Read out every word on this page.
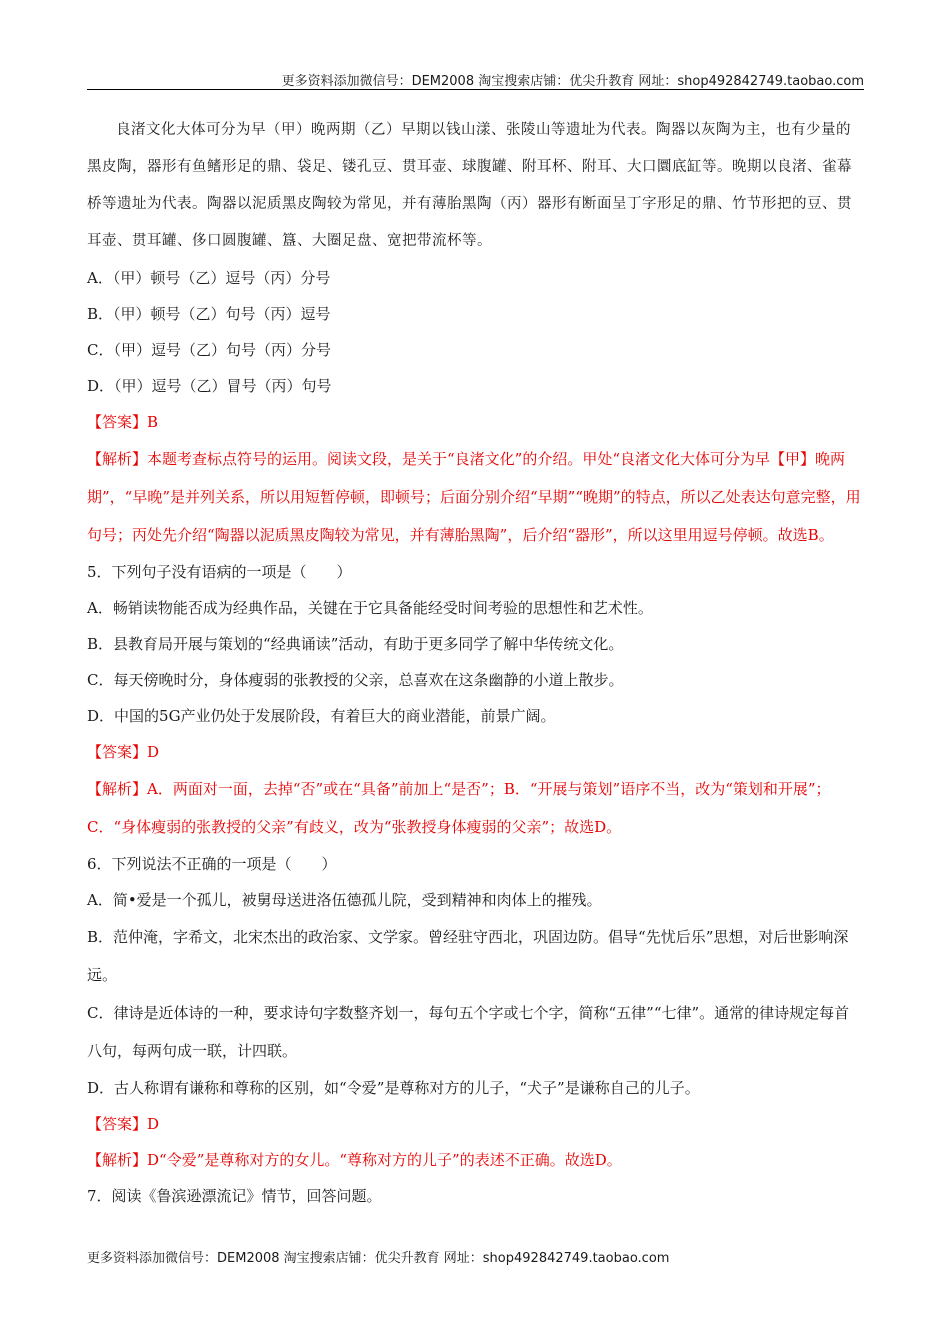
更多资料添加微信号：DEM2008 淘宝搜索店铺：优尖升教育 网址：shop492842749.taobao.com

良渚文化大体可分为早（甲）晚两期（乙）早期以钱山漾、张陵山等遗址为代表。陶器以灰陶为主，也有少量的黑皮陶，器形有鱼鳍形足的鼎、袋足、镂孔豆、贯耳壶、球腹罐、附耳杯、附耳、大口圜底缸等。晚期以良渚、雀幕桥等遗址为代表。陶器以泥质黑皮陶较为常见，并有薄胎黑陶（丙）器形有断面呈丁字形足的鼎、竹节形把的豆、贯耳壶、贯耳罐、侈口圆腹罐、簋、大圈足盘、宽把带流杯等。

A．（甲）顿号（乙）逗号（丙）分号

B．（甲）顿号（乙）句号（丙）逗号

C．（甲）逗号（乙）句号（丙）分号

D．（甲）逗号（乙）冒号（丙）句号

【答案】B

【解析】本题考查标点符号的运用。阅读文段，是关于“良渚文化”的介绍。甲处“良渚文化大体可分为早【甲】晚两期”，“早晚”是并列关系，所以用短暂停顿，即顿号；后面分别介绍“早期”“晚期”的特点，所以乙处表达句意完整，用句号；丙处先介绍“陶器以泥质黑皮陶较为常见，并有薄胎黑陶”，后介绍“器形”，所以这里用逗号停顿。故选B。

5．下列句子没有语病的一项是（　　）

A．畅销读物能否成为经典作品，关键在于它具备能经受时间考验的思想性和艺术性。

B．县教育局开展与策划的“经典诵读”活动，有助于更多同学了解中华传统文化。

C．每天傍晚时分，身体瘦弱的张教授的父亲，总喜欢在这条幽静的小道上散步。

D．中国的5G产业仍处于发展阶段，有着巨大的商业潜能，前景广阔。

【答案】D

【解析】A．两面对一面，去掉“否”或在“具备”前加上“是否”；B．“开展与策划”语序不当，改为“策划和开展”；C．“身体瘦弱的张教授的父亲”有歧义，改为“张教授身体瘦弱的父亲”；故选D。

6．下列说法不正确的一项是（　　）

A．简•爱是一个孤儿，被舅母送进洛伍德孤儿院，受到精神和肉体上的摧残。

B．范仲淹，字希文，北宋杰出的政治家、文学家。曾经驻守西北，巩固边防。倡导“先忧后乐”思想，对后世影响深远。

C．律诗是近体诗的一种，要求诗句字数整齐划一，每句五个字或七个字，简称“五律”“七律”。通常的律诗规定每首八句，每两句成一联，计四联。

D．古人称谓有谦称和尊称的区别，如“令爱”是尊称对方的儿子，“犬子”是谦称自己的儿子。

【答案】D

【解析】D“令爱”是尊称对方的女儿。“尊称对方的儿子”的表述不正确。故选D。

7．阅读《鲁滨逊漂流记》情节，回答问题。

更多资料添加微信号：DEM2008 淘宝搜索店铺：优尖升教育 网址：shop492842749.taobao.com
